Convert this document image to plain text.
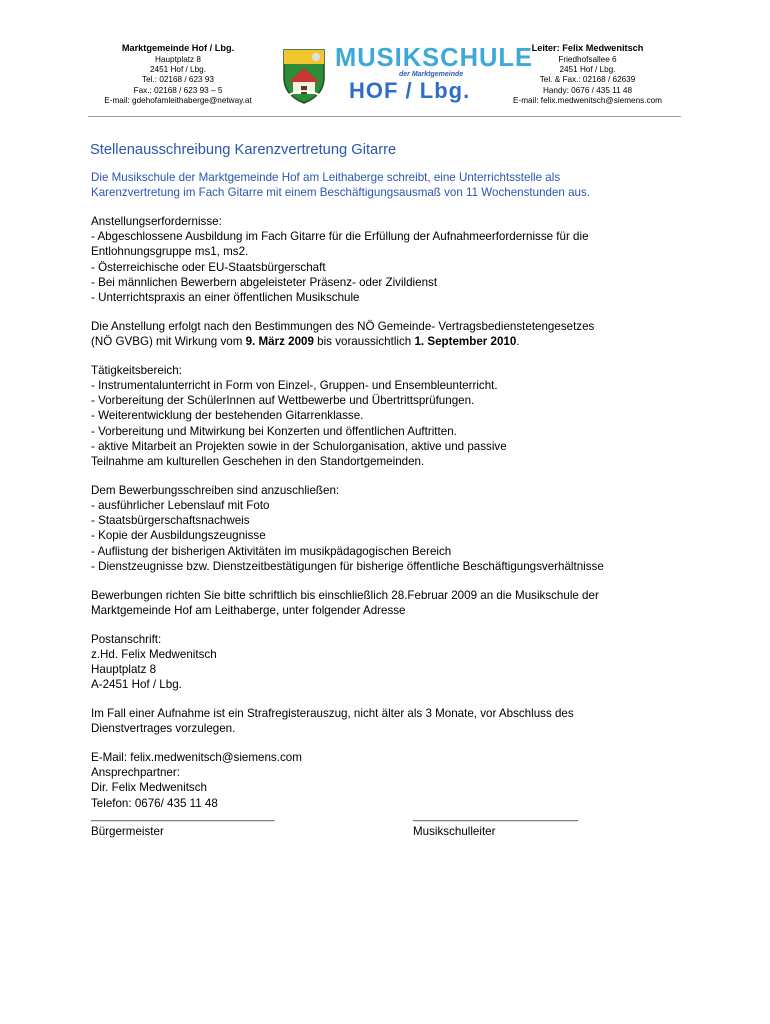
Marktgemeinde Hof / Lbg.
Hauptplatz 8
2451 Hof / Lbg.
Tel.: 02168 / 623 93
Fax.: 02168 / 623 93 – 5
E-mail: gdehofamleithaberge@netway.at
MUSIKSCHULE
der Marktgemeinde
HOF / Lbg.
Leiter: Felix Medwenitsch
Friedhofsallee 6
2451 Hof / Lbg.
Tel. & Fax.: 02168 / 62639
Handy: 0676 / 435 11 48
E-mail: felix.medwenitsch@siemens.com
Stellenausschreibung Karenzvertretung Gitarre

Die Musikschule der Marktgemeinde Hof am Leithaberge schreibt, eine Unterrichtsstelle als
Karenzvertretung im Fach Gitarre mit einem Beschäftigungsausmaß von 11 Wochenstunden aus.

Anstellungserfordernisse:
- Abgeschlossene Ausbildung im Fach Gitarre für die Erfüllung der Aufnahmeerfordernisse für die
Entlohnungsgruppe ms1, ms2.
- Österreichische oder EU-Staatsbürgerschaft
- Bei männlichen Bewerbern abgeleisteter Präsenz- oder Zivildienst
- Unterrichtspraxis an einer öffentlichen Musikschule

Die Anstellung erfolgt nach den Bestimmungen des NÖ Gemeinde- Vertragsbedienstetengesetzes
(NÖ GVBG) mit Wirkung vom 9. März 2009 bis voraussichtlich 1. September 2010.

Tätigkeitsbereich:
- Instrumentalunterricht in Form von Einzel-, Gruppen- und Ensembleunterricht.
- Vorbereitung der SchülerInnen auf Wettbewerbe und Übertrittsprüfungen.
- Weiterentwicklung der bestehenden Gitarrenklasse.
- Vorbereitung und Mitwirkung bei Konzerten und öffentlichen Auftritten.
- aktive Mitarbeit an Projekten sowie in der Schulorganisation, aktive und passive
Teilnahme am kulturellen Geschehen in den Standortgemeinden.

Dem Bewerbungsschreiben sind anzuschließen:
- ausführlicher Lebenslauf mit Foto
- Staatsbürgerschaftsnachweis
- Kopie der Ausbildungszeugnisse
- Auflistung der bisherigen Aktivitäten im musikpädagogischen Bereich
- Dienstzeugnisse bzw. Dienstzeitbestätigungen für bisherige öffentliche Beschäftigungsverhältnisse

Bewerbungen richten Sie bitte schriftlich bis einschließlich 28.Februar 2009 an die Musikschule der
Marktgemeinde Hof am Leithaberge, unter folgender Adresse

Postanschrift:
z.Hd. Felix Medwenitsch
Hauptplatz 8
A-2451 Hof / Lbg.

Im Fall einer Aufnahme ist ein Strafregisterauszug, nicht älter als 3 Monate, vor Abschluss des
Dienstvertrages vorzulegen.

E-Mail: felix.medwenitsch@siemens.com
Ansprechpartner:
Dir. Felix Medwenitsch
Telefon: 0676/ 435 11 48

______________________________
Bürgermeister
___________________________
Musikschulleiter
